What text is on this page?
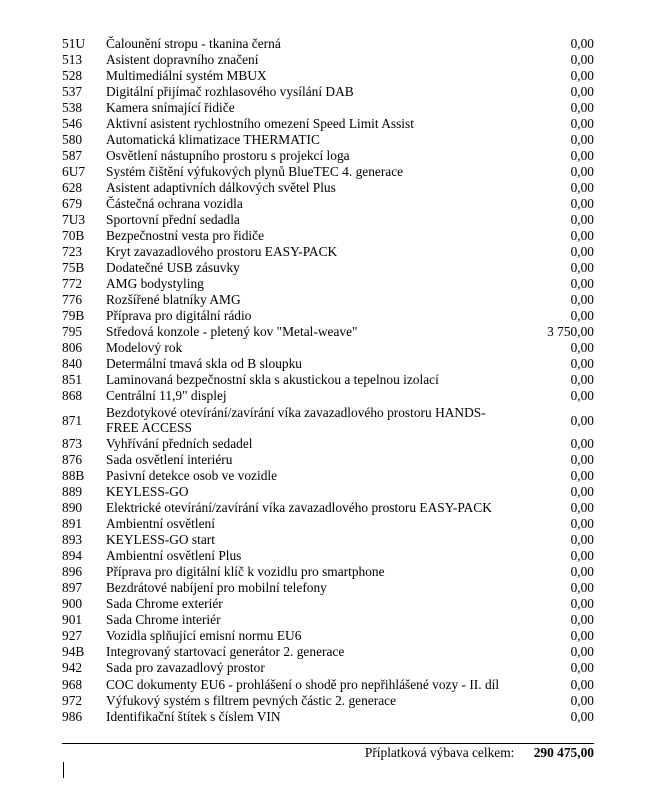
51U	Čalounění stropu - tkanina černá	0,00
513	Asistent dopravního značení	0,00
528	Multimediální systém MBUX	0,00
537	Digitální přijímač rozhlasového vysílání DAB	0,00
538	Kamera snímající řidiče	0,00
546	Aktivní asistent rychlostního omezení Speed Limit Assist	0,00
580	Automatická klimatizace THERMATIC	0,00
587	Osvětlení nástupního prostoru s projekcí loga	0,00
6U7	Systém čištění výfukových plynů BlueTEC 4. generace	0,00
628	Asistent adaptivních dálkových světel Plus	0,00
679	Částečná ochrana vozidla	0,00
7U3	Sportovní přední sedadla	0,00
70B	Bezpečnostní vesta pro řidiče	0,00
723	Kryt zavazadlového prostoru EASY-PACK	0,00
75B	Dodatečné USB zásuvky	0,00
772	AMG bodystyling	0,00
776	Rozšířené blatníky AMG	0,00
79B	Příprava pro digitální rádio	0,00
795	Středová konzole - pletený kov "Metal-weave"	3 750,00
806	Modelový rok	0,00
840	Determální tmavá skla od B sloupku	0,00
851	Laminovaná bezpečnostní skla s akustickou a tepelnou izolací	0,00
868	Centrální 11,9" displej	0,00
871	Bezdotykové otevírání/zavírání víka zavazadlového prostoru HANDS-FREE ACCESS	0,00
873	Vyhřívání předních sedadel	0,00
876	Sada osvětlení interiéru	0,00
88B	Pasivní detekce osob ve vozidle	0,00
889	KEYLESS-GO	0,00
890	Elektrické otevírání/zavírání víka zavazadlového prostoru EASY-PACK	0,00
891	Ambientní osvětlení	0,00
893	KEYLESS-GO start	0,00
894	Ambientní osvětlení Plus	0,00
896	Příprava pro digitální klíč k vozidlu pro smartphone	0,00
897	Bezdrátové nabíjení pro mobilní telefony	0,00
900	Sada Chrome exteriér	0,00
901	Sada Chrome interiér	0,00
927	Vozidla splňující emisní normu EU6	0,00
94B	Integrovaný startovací generátor 2. generace	0,00
942	Sada pro zavazadlový prostor	0,00
968	COC dokumenty EU6 - prohlášení o shodě pro nepřihlášené vozy - II. díl	0,00
972	Výfukový systém s filtrem pevných částic 2. generace	0,00
986	Identifikační štítek s číslem VIN	0,00
Příplatková výbava celkem: 290 475,00
